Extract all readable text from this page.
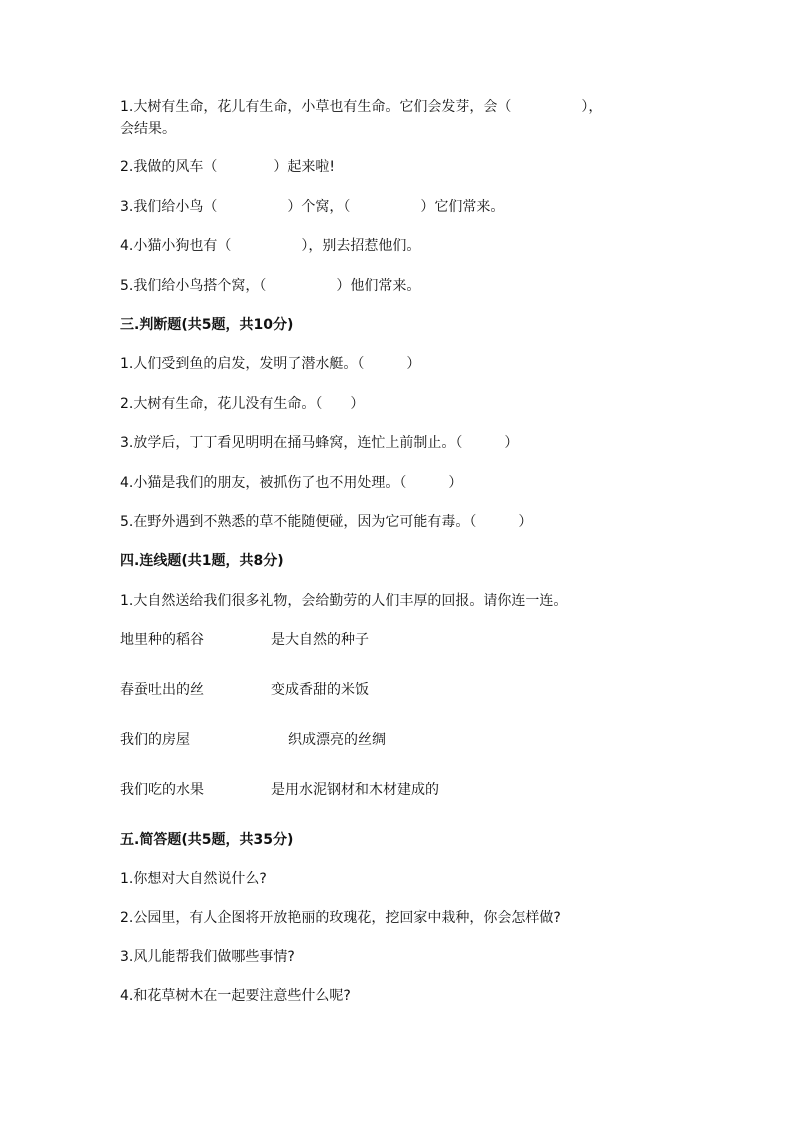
1.大树有生命，花儿有生命，小草也有生命。它们会发芽，会（　　　　　），
会结果。
2.我做的风车（　　　　）起来啦!
3.我们给小鸟（　　　　　）个窝，（　　　　　）它们常来。
4.小猫小狗也有（　　　　　），别去招惹他们。
5.我们给小鸟搭个窝，（　　　　　）他们常来。
三.判断题(共5题，共10分)
1.人们受到鱼的启发，发明了潜水艇。（　　　）
2.大树有生命，花儿没有生命。（　　）
3.放学后，丁丁看见明明在捅马蜂窝，连忙上前制止。（　　　）
4.小猫是我们的朋友，被抓伤了也不用处理。（　　　）
5.在野外遇到不熟悉的草不能随便碰，因为它可能有毒。（　　　）
四.连线题(共1题，共8分)
1.大自然送给我们很多礼物，会给勤劳的人们丰厚的回报。请你连一连。
地里种的稻谷	是大自然的种子
春蚕吐出的丝	变成香甜的米饭
我们的房屋	织成漂亮的丝绸
我们吃的水果	是用水泥钢材和木材建成的
五.简答题(共5题，共35分)
1.你想对大自然说什么?
2.公园里，有人企图将开放艳丽的玫瑰花，挖回家中栽种，你会怎样做?
3.风儿能帮我们做哪些事情?
4.和花草树木在一起要注意些什么呢?
